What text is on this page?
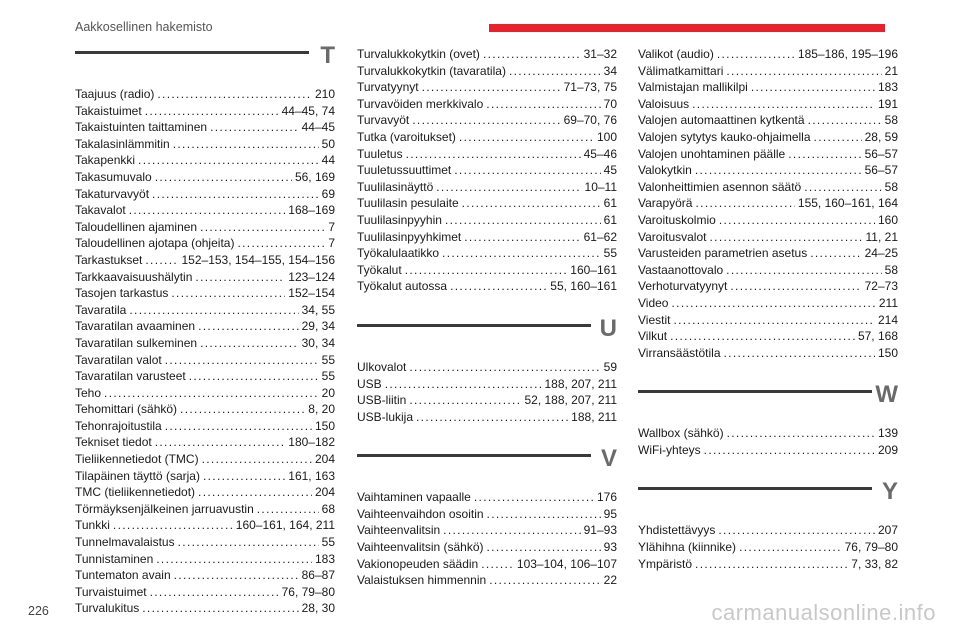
Aakkosellinen hakemisto
T
Taajuus (radio) . . .	210
Takaistuimet . . .	44–45, 74
Takaistuinten taittaminen . . .	44–45
Takalasinlämmitin . . .	50
Takapenkki . . .	44
Takasumuvalo . . .	56, 169
Takaturvavyöt . . .	69
Takavalot . . .	168–169
Taloudellinen ajaminen . . .	7
Taloudellinen ajotapa (ohjeita) . . .	7
Tarkastukset . . .	152–153, 154–155, 154–156
Tarkkaavaisuushälytin . . .	123–124
Tasojen tarkastus . . .	152–154
Tavaratila . . .	34, 55
Tavaratilan avaaminen . . .	29, 34
Tavaratilan sulkeminen . . .	30, 34
Tavaratilan valot . . .	55
Tavaratilan varusteet . . .	55
Teho . . .	20
Tehomittari (sähkö) . . .	8, 20
Tehonrajoitustila . . .	150
Tekniset tiedot . . .	180–182
Tieliikennetiedot (TMC) . . .	204
Tilapäinen täyttö (sarja) . . .	161, 163
TMC (tieliikennetiedot) . . .	204
Törmäyksenjälkeinen jarruavustin . . .	68
Tunkki . . .	160–161, 164, 211
Tunnelmavalaistus . . .	55
Tunnistaminen . . .	183
Tuntematon avain . . .	86–87
Turvaistuimet . . .	76, 79–80
Turvalukitus . . .	28, 30
Turvalukkokytkin (ovet) . . .	31–32
Turvalukkokytkin (tavaratila) . . .	34
Turvatyynyt . . .	71–73, 75
Turvavöiden merkkivalo . . .	70
Turvavyöt . . .	69–70, 76
Tutka (varoitukset) . . .	100
Tuuletus . . .	45–46
Tuuletussuuttimet . . .	45
Tuulilasinäyttö . . .	10–11
Tuulilasin pesulaite . . .	61
Tuulilasinpyyhin . . .	61
Tuulilasinpyyhkimet . . .	61–62
Työkalulaatikko . . .	55
Työkalut . . .	160–161
Työkalut autossa . . .	55, 160–161
U
Ulkovalot . . .	59
USB . . .	188, 207, 211
USB-liitin . . .	52, 188, 207, 211
USB-lukija . . .	188, 211
V
Vaihtaminen vapaalle . . .	176
Vaihteenvaihdon osoitin . . .	95
Vaihteenvalitsin . . .	91–93
Vaihteenvalitsin (sähkö) . . .	93
Vakionopeuden säädin . . .	103–104, 106–107
Valaistuksen himmennin . . .	22
Valikot (audio) . . .	185–186, 195–196
Välimatkamittari . . .	21
Valmistajan mallikilpi . . .	183
Valoisuus . . .	191
Valojen automaattinen kytkentä . . .	58
Valojen sytytys kauko-ohjaimella . . .	28, 59
Valojen unohtaminen päälle . . .	56–57
Valokytkin . . .	56–57
Valonheittimien asennon säätö . . .	58
Varapyörä . . .	155, 160–161, 164
Varoituskolmio . . .	160
Varoitusvalot . . .	11, 21
Varusteiden parametrien asetus . . .	24–25
Vastaanottovalo . . .	58
Verhoturvatyynyt . . .	72–73
Video . . .	211
Viestit . . .	214
Vilkut . . .	57, 168
Virransäästötila . . .	150
W
Wallbox (sähkö) . . .	139
WiFi-yhteys . . .	209
Y
Yhdistettävyys . . .	207
Ylähihna (kiinnike) . . .	76, 79–80
Ympäristö . . .	7, 33, 82
226	carmanualsonline.info
